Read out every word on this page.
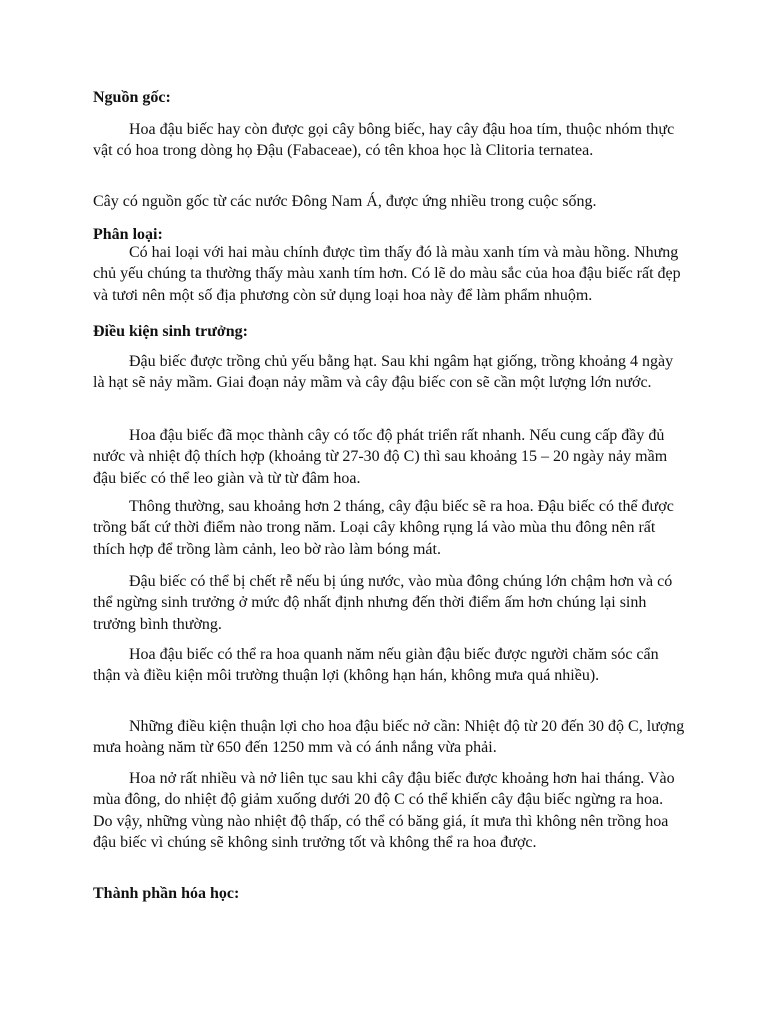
Nguồn gốc:

Hoa đậu biếc hay còn được gọi cây bông biếc, hay cây đậu hoa tím, thuộc nhóm thực vật có hoa trong dòng họ Đậu (Fabaceae), có tên khoa học là Clitoria ternatea.

Cây có nguồn gốc từ các nước Đông Nam Á, được ứng nhiều trong cuộc sống.

Phân loại:

Có hai loại với hai màu chính được tìm thấy đó là màu xanh tím và màu hồng. Nhưng chủ yếu chúng ta thường thấy màu xanh tím hơn. Có lẽ do màu sắc của hoa đậu biếc rất đẹp và tươi nên một số địa phương còn sử dụng loại hoa này để làm phẩm nhuộm.

Điều kiện sinh trưởng:

Đậu biếc được trồng chủ yếu bằng hạt. Sau khi ngâm hạt giống, trồng khoảng 4 ngày là hạt sẽ nảy mầm. Giai đoạn nảy mầm và cây đậu biếc con sẽ cần một lượng lớn nước.

Hoa đậu biếc đã mọc thành cây có tốc độ phát triển rất nhanh. Nếu cung cấp đầy đủ nước và nhiệt độ thích hợp (khoảng từ 27-30 độ C) thì sau khoảng 15 – 20 ngày nảy mầm đậu biếc có thể leo giàn và từ từ đâm hoa.

Thông thường, sau khoảng hơn 2 tháng, cây đậu biếc sẽ ra hoa. Đậu biếc có thể được trồng bất cứ thời điểm nào trong năm. Loại cây không rụng lá vào mùa thu đông nên rất thích hợp để trồng làm cảnh, leo bờ rào làm bóng mát.

Đậu biếc có thể bị chết rễ nếu bị úng nước, vào mùa đông chúng lớn chậm hơn và có thể ngừng sinh trưởng ở mức độ nhất định nhưng đến thời điểm ấm hơn chúng lại sinh trưởng bình thường.

Hoa đậu biếc có thể ra hoa quanh năm nếu giàn đậu biếc được người chăm sóc cẩn thận và điều kiện môi trường thuận lợi (không hạn hán, không mưa quá nhiều).

Những điều kiện thuận lợi cho hoa đậu biếc nở cần: Nhiệt độ từ 20 đến 30 độ C, lượng mưa hoàng năm từ 650 đến 1250 mm và có ánh nắng vừa phải.

Hoa nở rất nhiều và nở liên tục sau khi cây đậu biếc được khoảng hơn hai tháng. Vào mùa đông, do nhiệt độ giảm xuống dưới 20 độ C có thể khiến cây đậu biếc ngừng ra hoa. Do vậy, những vùng nào nhiệt độ thấp, có thể có băng giá, ít mưa thì không nên trồng hoa đậu biếc vì chúng sẽ không sinh trưởng tốt và không thể ra hoa được.

Thành phần hóa học:
